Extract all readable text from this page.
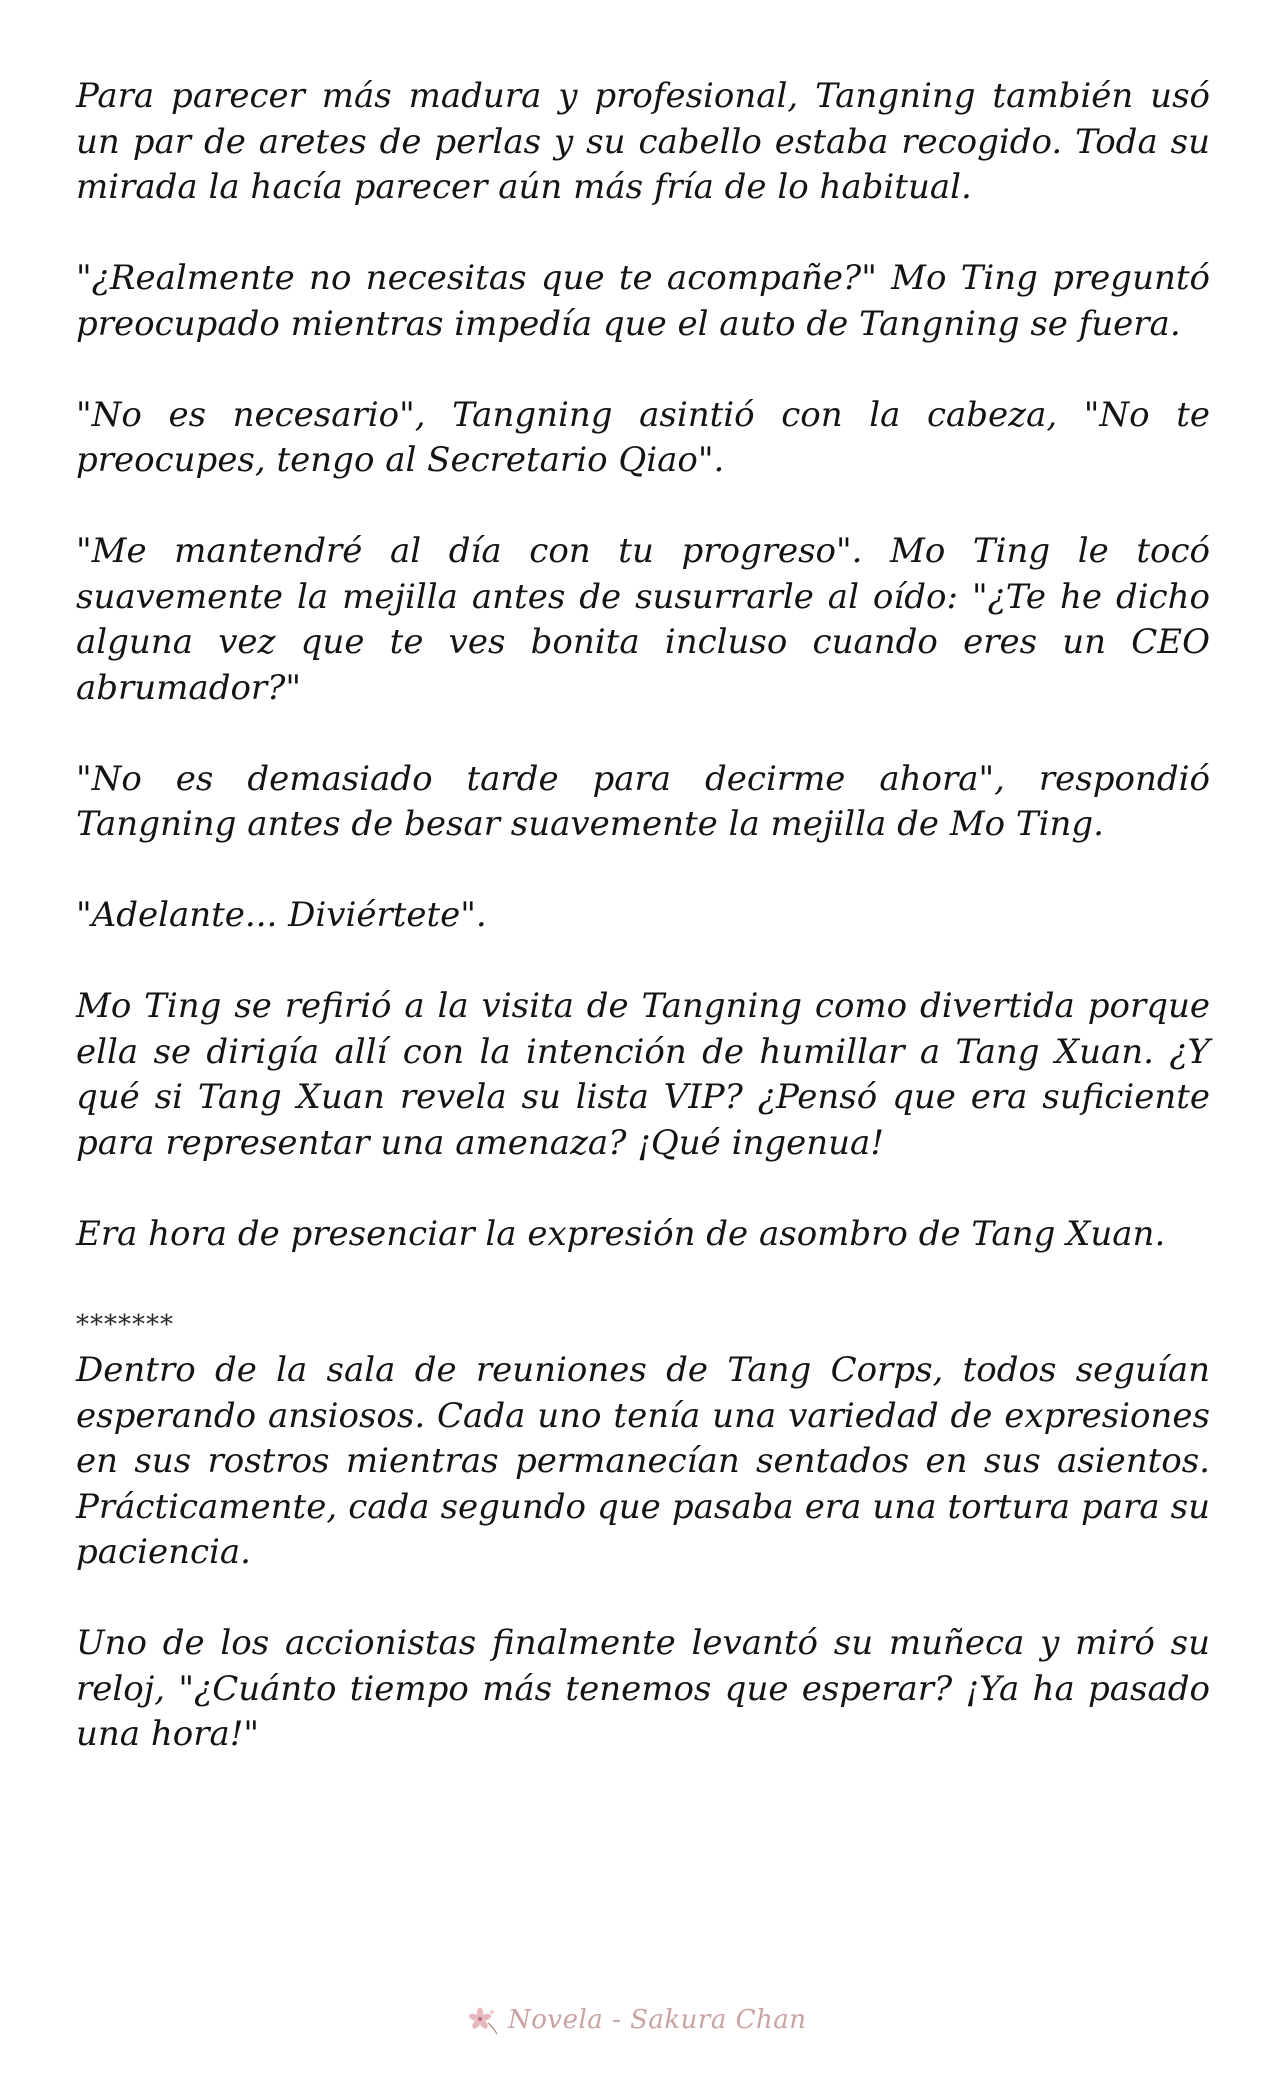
Para parecer más madura y profesional, Tangning también usó un par de aretes de perlas y su cabello estaba recogido. Toda su mirada la hacía parecer aún más fría de lo habitual.

"¿Realmente no necesitas que te acompañe?" Mo Ting preguntó preocupado mientras impedía que el auto de Tangning se fuera.

"No es necesario", Tangning asintió con la cabeza, "No te preocupes, tengo al Secretario Qiao".

"Me mantendré al día con tu progreso". Mo Ting le tocó suavemente la mejilla antes de susurrarle al oído: "¿Te he dicho alguna vez que te ves bonita incluso cuando eres un CEO abrumador?"

"No es demasiado tarde para decirme ahora", respondió Tangning antes de besar suavemente la mejilla de Mo Ting.

"Adelante... Diviértete".

Mo Ting se refirió a la visita de Tangning como divertida porque ella se dirigía allí con la intención de humillar a Tang Xuan. ¿Y qué si Tang Xuan revela su lista VIP? ¿Pensó que era suficiente para representar una amenaza? ¡Qué ingenua!

Era hora de presenciar la expresión de asombro de Tang Xuan.

*******

Dentro de la sala de reuniones de Tang Corps, todos seguían esperando ansiosos. Cada uno tenía una variedad de expresiones en sus rostros mientras permanecían sentados en sus asientos. Prácticamente, cada segundo que pasaba era una tortura para su paciencia.

Uno de los accionistas finalmente levantó su muñeca y miró su reloj, "¿Cuánto tiempo más tenemos que esperar? ¡Ya ha pasado una hora!"

Novela - Sakura Chan
